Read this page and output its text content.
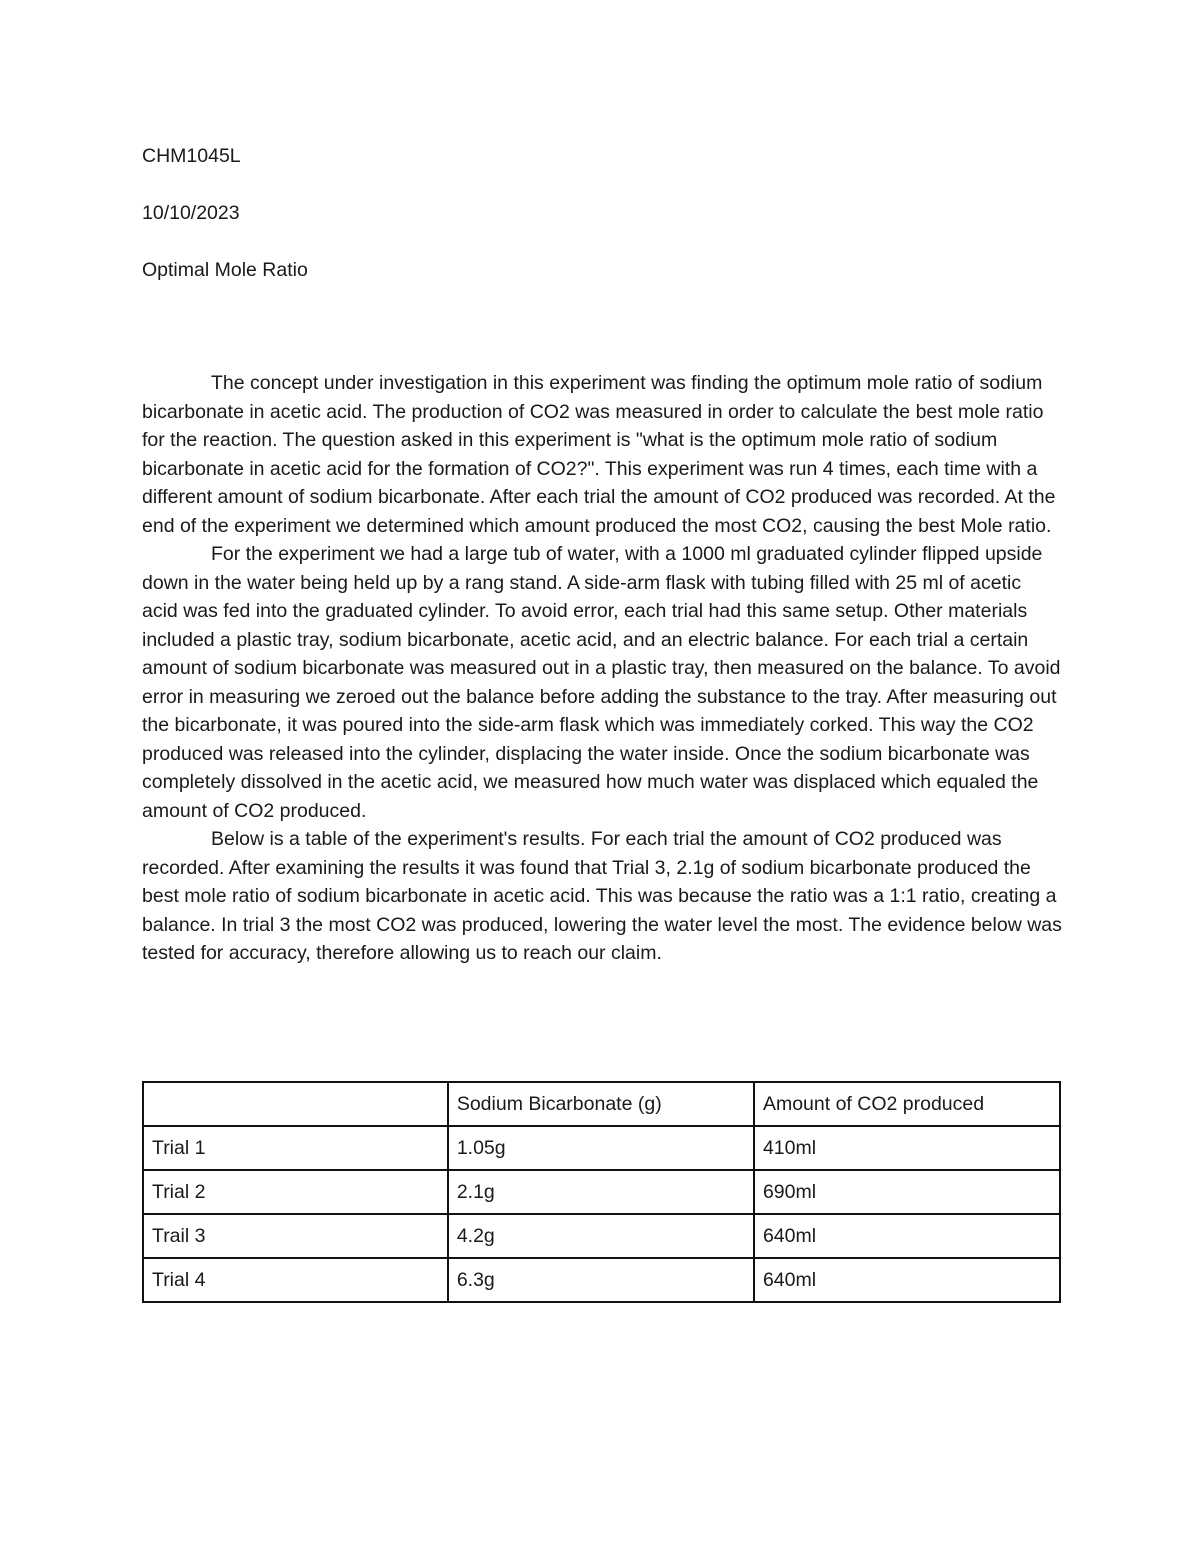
CHM1045L
10/10/2023
Optimal Mole Ratio

The concept under investigation in this experiment was finding the optimum mole ratio of sodium bicarbonate in acetic acid. The production of CO2 was measured in order to calculate the best mole ratio for the reaction. The question asked in this experiment is "what is the optimum mole ratio of sodium bicarbonate in acetic acid for the formation of CO2?". This experiment was run 4 times, each time with a different amount of sodium bicarbonate. After each trial the amount of CO2 produced was recorded. At the end of the experiment we determined which amount produced the most CO2, causing the best Mole ratio.

For the experiment we had a large tub of water, with a 1000 ml graduated cylinder flipped upside down in the water being held up by a rang stand. A side-arm flask with tubing filled with 25 ml of acetic acid was fed into the graduated cylinder. To avoid error, each trial had this same setup. Other materials included a plastic tray, sodium bicarbonate, acetic acid, and an electric balance. For each trial a certain amount of sodium bicarbonate was measured out in a plastic tray, then measured on the balance. To avoid error in measuring we zeroed out the balance before adding the substance to the tray. After measuring out the bicarbonate, it was poured into the side-arm flask which was immediately corked. This way the CO2 produced was released into the cylinder, displacing the water inside. Once the sodium bicarbonate was completely dissolved in the acetic acid, we measured how much water was displaced which equaled the amount of CO2 produced.

Below is a table of the experiment's results. For each trial the amount of CO2 produced was recorded. After examining the results it was found that Trial 3, 2.1g of sodium bicarbonate produced the best mole ratio of sodium bicarbonate in acetic acid. This was because the ratio was a 1:1 ratio, creating a balance. In trial 3 the most CO2 was produced, lowering the water level the most. The evidence below was tested for accuracy, therefore allowing us to reach our claim.

	Sodium Bicarbonate (g)	Amount of CO2 produced
Trial 1	1.05g	410ml
Trial 2	2.1g	690ml
Trail 3	4.2g	640ml
Trial 4	6.3g	640ml
